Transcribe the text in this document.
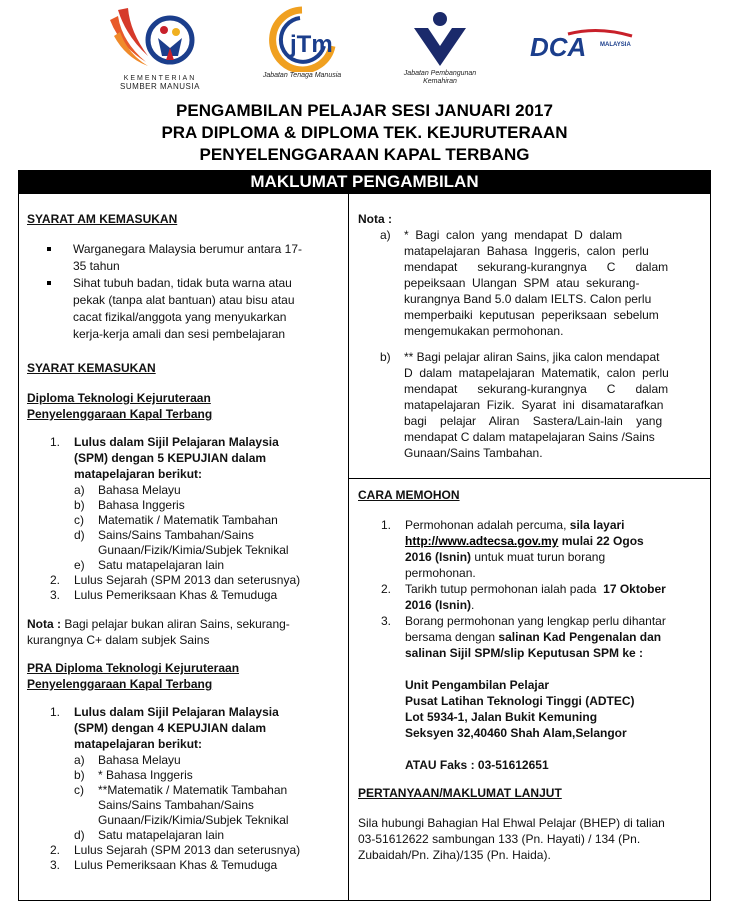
KEMENTERIAN
SUMBER MANUSIA
jTm
Jabatan Tenaga Manusia	Jabatan Pembangunan
Kemahiran
DCA MALAYSIA
PENGAMBILAN PELAJAR SESI JANUARI 2017
PRA DIPLOMA & DIPLOMA TEK. KEJURUTERAAN
PENYELENGGARAAN KAPAL TERBANG
MAKLUMAT PENGAMBILAN
SYARAT AM KEMASUKAN
Warganegara Malaysia berumur antara 17-
35 tahun
Sihat tubuh badan, tidak buta warna atau
pekak (tanpa alat bantuan) atau bisu atau
cacat fizikal/anggota yang menyukarkan
kerja-kerja amali dan sesi pembelajaran
SYARAT KEMASUKAN
Diploma Teknologi Kejuruteraan
Penyelenggaraan Kapal Terbang
1. Lulus dalam Sijil Pelajaran Malaysia
(SPM) dengan 5 KEPUJIAN dalam
matapelajaran berikut:
a) Bahasa Melayu
b) Bahasa Inggeris
c) Matematik / Matematik Tambahan
d) Sains/Sains Tambahan/Sains
Gunaan/Fizik/Kimia/Subjek Teknikal
e) Satu matapelajaran lain
2. Lulus Sejarah (SPM 2013 dan seterusnya)
3. Lulus Pemeriksaan Khas & Temuduga
Nota : Bagi pelajar bukan aliran Sains, sekurang-
kurangnya C+ dalam subjek Sains
PRA Diploma Teknologi Kejuruteraan
Penyelenggaraan Kapal Terbang
1. Lulus dalam Sijil Pelajaran Malaysia
(SPM) dengan 4 KEPUJIAN dalam
matapelajaran berikut:
a) Bahasa Melayu
b) * Bahasa Inggeris
c) **Matematik / Matematik Tambahan
Sains/Sains Tambahan/Sains
Gunaan/Fizik/Kimia/Subjek Teknikal
d) Satu matapelajaran lain
2. Lulus Sejarah (SPM 2013 dan seterusnya)
3. Lulus Pemeriksaan Khas & Temuduga
Nota :
a) *  Bagi  calon  yang  mendapat  D  dalam
matapelajaran  Bahasa  Inggeris,  calon  perlu
mendapat      sekurang-kurangnya      C      dalam
pepeiksaan  Ulangan  SPM  atau  sekurang-
kurangnya Band 5.0 dalam IELTS. Calon perlu
memperbaiki  keputusan  peperiksaan  sebelum
mengemukakan permohonan.
b) ** Bagi pelajar aliran Sains, jika calon mendapat
D  dalam  matapelajaran  Matematik,  calon  perlu
mendapat      sekurang-kurangnya      C      dalam
matapelajaran  Fizik.  Syarat  ini  disamatarafkan
bagi    pelajar    Aliran    Sastera/Lain-lain    yang
mendapat C dalam matapelajaran Sains /Sains
Gunaan/Sains Tambahan.
CARA MEMOHON
1. Permohonan adalah percuma, sila layari
http://www.adtecsa.gov.my mulai 22 Ogos
2016 (Isnin) untuk muat turun borang
permohonan.
2. Tarikh tutup permohonan ialah pada  17 Oktober
2016 (Isnin).
3. Borang permohonan yang lengkap perlu dihantar
bersama dengan salinan Kad Pengenalan dan
salinan Sijil SPM/slip Keputusan SPM ke :
Unit Pengambilan Pelajar
Pusat Latihan Teknologi Tinggi (ADTEC)
Lot 5934-1, Jalan Bukit Kemuning
Seksyen 32,40460 Shah Alam,Selangor
ATAU Faks : 03-51612651
PERTANYAAN/MAKLUMAT LANJUT
Sila hubungi Bahagian Hal Ehwal Pelajar (BHEP) di talian
03-51612622 sambungan 133 (Pn. Hayati) / 134 (Pn.
Zubaidah/Pn. Ziha)/135 (Pn. Haida).
